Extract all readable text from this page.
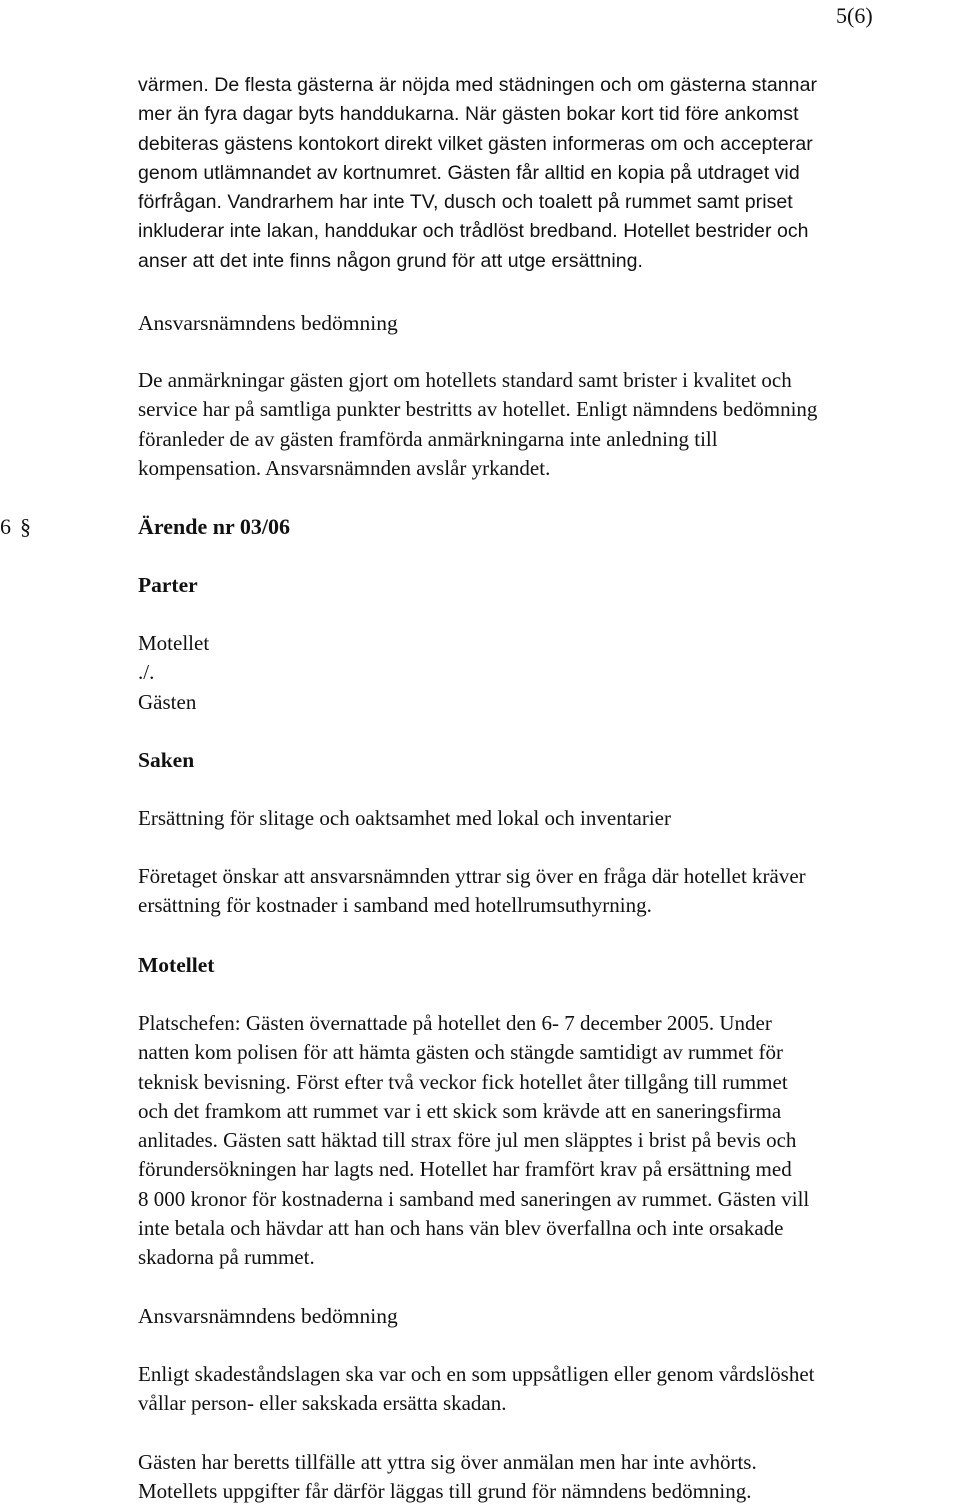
5(6)
värmen. De flesta gästerna är nöjda med städningen och om gästerna stannar
mer än fyra dagar byts handdukarna. När gästen bokar kort tid före ankomst
debiteras gästens kontokort direkt vilket gästen informeras om och accepterar
genom utlämnandet av kortnumret. Gästen får alltid en kopia på utdraget vid
förfrågan. Vandrarhem har inte TV, dusch och toalett på rummet samt priset
inkluderar inte lakan, handdukar och trådlöst bredband. Hotellet bestrider och
anser att det inte finns någon grund för att utge ersättning.
Ansvarsnämndens bedömning
De anmärkningar gästen gjort om hotellets standard samt brister i kvalitet och
service har på samtliga punkter bestritts av hotellet. Enligt nämndens bedömning
föranleder de av gästen framförda anmärkningarna inte anledning till
kompensation. Ansvarsnämnden avslår yrkandet.
6 §	Ärende nr 03/06
Parter
Motellet
./.
Gästen
Saken
Ersättning för slitage och oaktsamhet med lokal och inventarier
Företaget önskar att ansvarsnämnden yttrar sig över en fråga där hotellet kräver
ersättning för kostnader i samband med hotellrumsuthyrning.
Motellet
Platschefen: Gästen övernattade på hotellet den 6- 7 december 2005. Under
natten kom polisen för att hämta gästen och stängde samtidigt av rummet för
teknisk bevisning. Först efter två veckor fick hotellet åter tillgång till rummet
och det framkom att rummet var i ett skick som krävde att en saneringsfirma
anlitades. Gästen satt häktad till strax före jul men släpptes i brist på bevis och
förundersökningen har lagts ned. Hotellet har framfört krav på ersättning med
8 000 kronor för kostnaderna i samband med saneringen av rummet. Gästen vill
inte betala och hävdar att han och hans vän blev överfallna och inte orsakade
skadorna på rummet.
Ansvarsnämndens bedömning
Enligt skadeståndslagen ska var och en som uppsåtligen eller genom vårdslöshet
vållar person- eller sakskada ersätta skadan.
Gästen har beretts tillfälle att yttra sig över anmälan men har inte avhörts.
Motellets uppgifter får därför läggas till grund för nämndens bedömning.
